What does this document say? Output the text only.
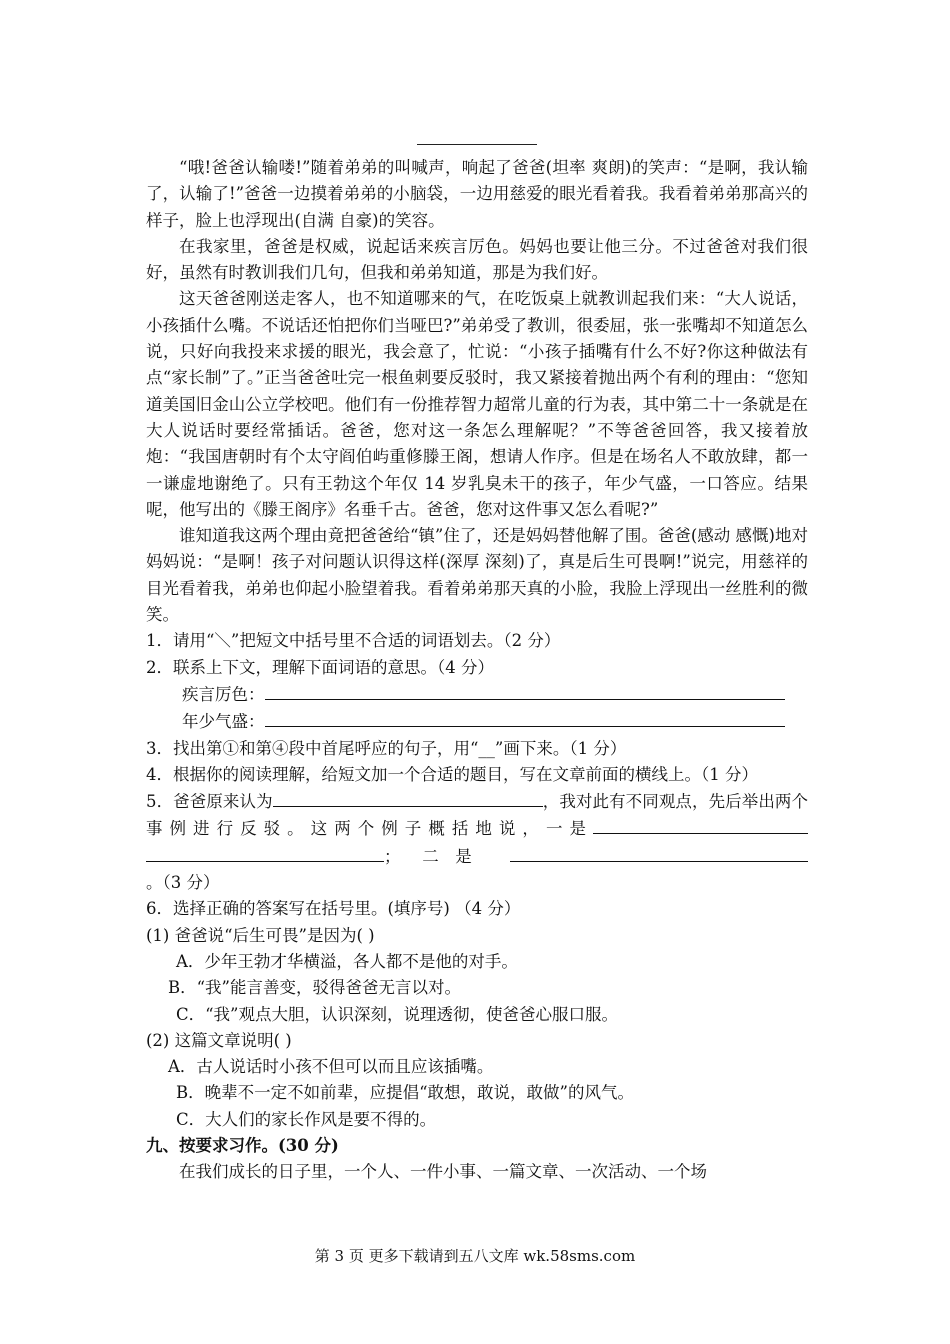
“哦!爸爸认输喽!”随着弟弟的叫喊声，响起了爸爸(坦率 爽朗)的笑声：“是啊，我认输了，认输了!”爸爸一边摸着弟弟的小脑袋，一边用慈爱的眼光看着我。我看着弟弟那高兴的样子，脸上也浮现出(自满 自豪)的笑容。

在我家里，爸爸是权威，说起话来疾言厉色。妈妈也要让他三分。不过爸爸对我们很好，虽然有时教训我们几句，但我和弟弟知道，那是为我们好。

这天爸爸刚送走客人，也不知道哪来的气，在吃饭桌上就教训起我们来：“大人说话，小孩插什么嘴。不说话还怕把你们当哑巴?”弟弟受了教训，很委屈，张一张嘴却不知道怎么说，只好向我投来求援的眼光，我会意了，忙说：“小孩子插嘴有什么不好?你这种做法有点“家长制”了。”正当爸爸吐完一根鱼刺要反驳时，我又紧接着抛出两个有利的理由：“您知道美国旧金山公立学校吧。他们有一份推荐智力超常儿童的行为表，其中第二十一条就是在大人说话时要经常插话。爸爸，您对这一条怎么理解呢？”不等爸爸回答，我又接着放炮：“我国唐朝时有个太守阎伯屿重修滕王阁，想请人作序。但是在场名人不敢放肆，都一一谦虚地谢绝了。只有王勃这个年仅 14 岁乳臭未干的孩子，年少气盛，一口答应。结果呢，他写出的《滕王阁序》名垂千古。爸爸，您对这件事又怎么看呢?”

谁知道我这两个理由竟把爸爸给“镇”住了，还是妈妈替他解了围。爸爸(感动 感慨)地对妈妈说：“是啊！孩子对问题认识得这样(深厚 深刻)了，真是后生可畏啊!”说完，用慈祥的目光看着我，弟弟也仰起小脸望着我。看着弟弟那天真的小脸，我脸上浮现出一丝胜利的微笑。

1．请用“＼”把短文中括号里不合适的词语划去。（2 分）

2．联系上下文，理解下面词语的意思。（4 分）

疾言厉色：

年少气盛：

3．找出第①和第④段中首尾呼应的句子，用“__”画下来。（1 分）

4．根据你的阅读理解，给短文加一个合适的题目，写在文章前面的横线上。（1 分）

5．爸爸原来认为	，我对此有不同观点，先后举出两个事例进行反驳。这两个例子概括地说，一是； 二是 。（3 分）

6．选择正确的答案写在括号里。(填序号) （4 分）

(1) 爸爸说“后生可畏”是因为( )

A．少年王勃才华横溢，各人都不是他的对手。

B．“我”能言善变，驳得爸爸无言以对。

C．“我”观点大胆，认识深刻，说理透彻，使爸爸心服口服。

(2) 这篇文章说明( )

A．古人说话时小孩不但可以而且应该插嘴。

B．晚辈不一定不如前辈，应提倡“敢想，敢说，敢做”的风气。

C．大人们的家长作风是要不得的。

九、按要求习作。(30 分)

在我们成长的日子里，一个人、一件小事、一篇文章、一次活动、一个场

第 3 页 更多下载请到五八文库 wk.58sms.com
